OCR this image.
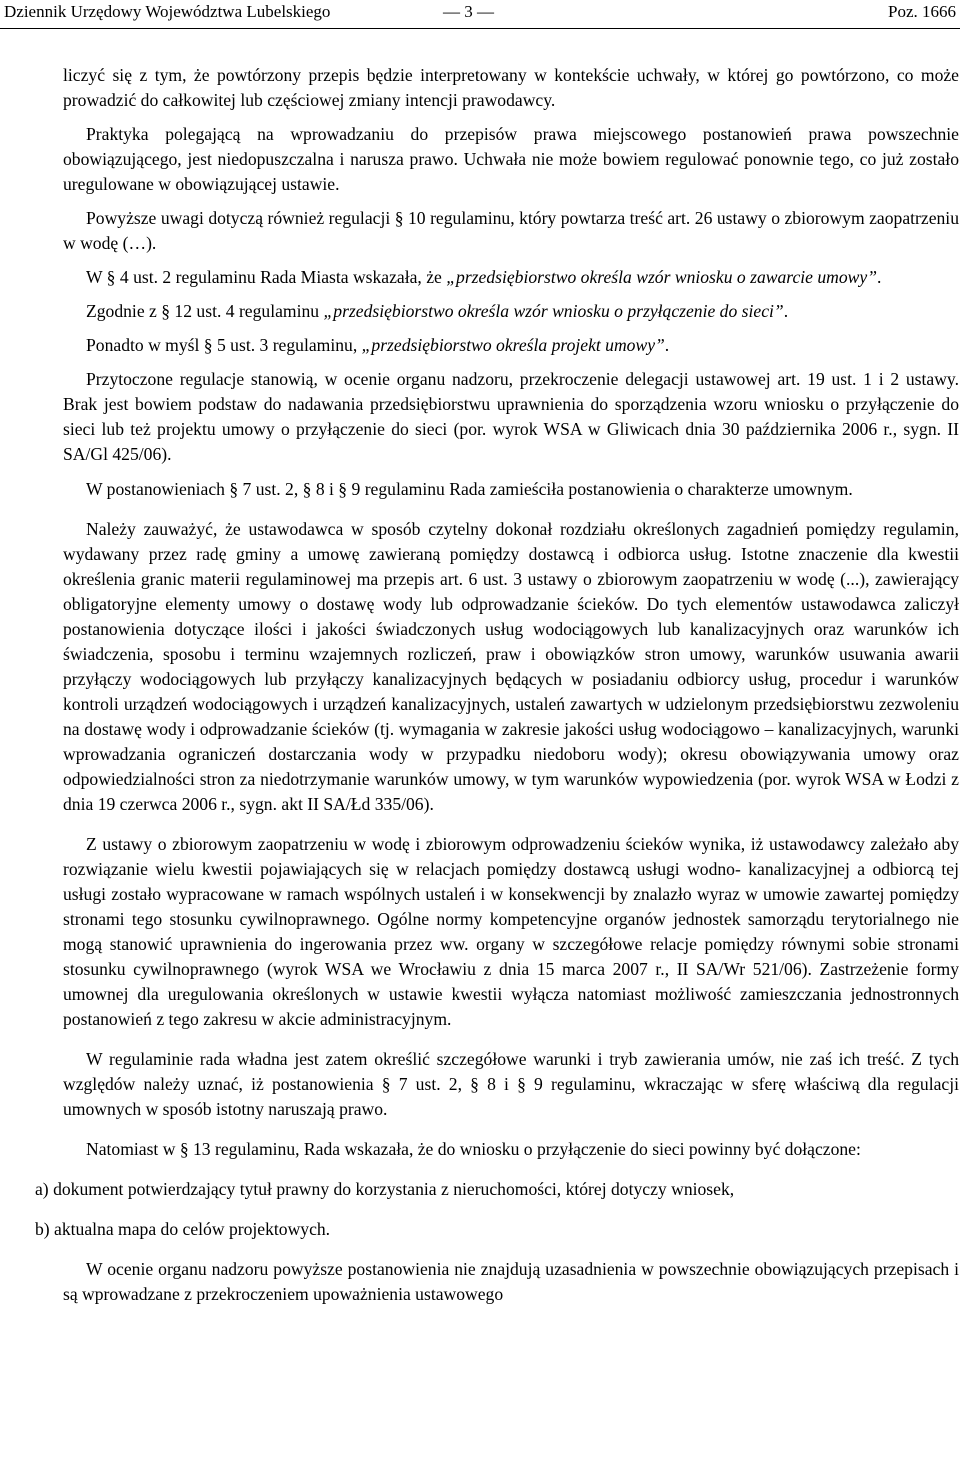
Dziennik Urzędowy Województwa Lubelskiego	— 3 —	Poz. 1666

liczyć się z tym, że powtórzony przepis będzie interpretowany w kontekście uchwały, w której go powtórzono, co może prowadzić do całkowitej lub częściowej zmiany intencji prawodawcy.

Praktyka polegającą na wprowadzaniu do przepisów prawa miejscowego postanowień prawa powszechnie obowiązującego, jest niedopuszczalna i narusza prawo. Uchwała nie może bowiem regulować ponownie tego, co już zostało uregulowane w obowiązującej ustawie.

Powyższe uwagi dotyczą również regulacji § 10 regulaminu, który powtarza treść art. 26 ustawy o zbiorowym zaopatrzeniu w wodę (…).

W § 4 ust. 2 regulaminu Rada Miasta wskazała, że „przedsiębiorstwo określa wzór wniosku o zawarcie umowy”.

Zgodnie z § 12 ust. 4 regulaminu „przedsiębiorstwo określa wzór wniosku o przyłączenie do sieci”.

Ponadto w myśl § 5 ust. 3 regulaminu, „przedsiębiorstwo określa projekt umowy”.

Przytoczone regulacje stanowią, w ocenie organu nadzoru, przekroczenie delegacji ustawowej art. 19 ust. 1 i 2 ustawy. Brak jest bowiem podstaw do nadawania przedsiębiorstwu uprawnienia do sporządzenia wzoru wniosku o przyłączenie do sieci lub też projektu umowy o przyłączenie do sieci (por. wyrok WSA w Gliwicach dnia 30 października 2006 r., sygn. II SA/Gl 425/06).

W postanowieniach § 7 ust. 2, § 8 i § 9 regulaminu Rada zamieściła postanowienia o charakterze umownym.

Należy zauważyć, że ustawodawca w sposób czytelny dokonał rozdziału określonych zagadnień pomiędzy regulamin, wydawany przez radę gminy a umowę zawieraną pomiędzy dostawcą i odbiorca usług. Istotne znaczenie dla kwestii określenia granic materii regulaminowej ma przepis art. 6 ust. 3 ustawy o zbiorowym zaopatrzeniu w wodę (...), zawierający obligatoryjne elementy umowy o dostawę wody lub odprowadzanie ścieków. Do tych elementów ustawodawca zaliczył postanowienia dotyczące ilości i jakości świadczonych usług wodociągowych lub kanalizacyjnych oraz warunków ich świadczenia, sposobu i terminu wzajemnych rozliczeń, praw i obowiązków stron umowy, warunków usuwania awarii przyłączy wodociągowych lub przyłączy kanalizacyjnych będących w posiadaniu odbiorcy usług, procedur i warunków kontroli urządzeń wodociągowych i urządzeń kanalizacyjnych, ustaleń zawartych w udzielonym przedsiębiorstwu zezwoleniu na dostawę wody i odprowadzanie ścieków (tj. wymagania w zakresie jakości usług wodociągowo – kanalizacyjnych, warunki wprowadzania ograniczeń dostarczania wody w przypadku niedoboru wody); okresu obowiązywania umowy oraz odpowiedzialności stron za niedotrzymanie warunków umowy, w tym warunków wypowiedzenia (por. wyrok WSA w Łodzi z dnia 19 czerwca 2006 r., sygn. akt II SA/Łd 335/06).

Z ustawy o zbiorowym zaopatrzeniu w wodę i zbiorowym odprowadzeniu ścieków wynika, iż ustawodawcy zależało aby rozwiązanie wielu kwestii pojawiających się w relacjach pomiędzy dostawcą usługi wodno- kanalizacyjnej a odbiorcą tej usługi zostało wypracowane w ramach wspólnych ustaleń i w konsekwencji by znalazło wyraz w umowie zawartej pomiędzy stronami tego stosunku cywilnoprawnego. Ogólne normy kompetencyjne organów jednostek samorządu terytorialnego nie mogą stanowić uprawnienia do ingerowania przez ww. organy w szczegółowe relacje pomiędzy równymi sobie stronami stosunku cywilnoprawnego (wyrok WSA we Wrocławiu z dnia 15 marca 2007 r., II SA/Wr 521/06). Zastrzeżenie formy umownej dla uregulowania określonych w ustawie kwestii wyłącza natomiast możliwość zamieszczania jednostronnych postanowień z tego zakresu w akcie administracyjnym.

W regulaminie rada władna jest zatem określić szczegółowe warunki i tryb zawierania umów, nie zaś ich treść. Z tych względów należy uznać, iż postanowienia § 7 ust. 2, § 8 i § 9 regulaminu, wkraczając w sferę właściwą dla regulacji umownych w sposób istotny naruszają prawo.

Natomiast w § 13 regulaminu, Rada wskazała, że do wniosku o przyłączenie do sieci powinny być dołączone:

a) dokument potwierdzający tytuł prawny do korzystania z nieruchomości, której dotyczy wniosek,

b) aktualna mapa do celów projektowych.

W ocenie organu nadzoru powyższe postanowienia nie znajdują uzasadnienia w powszechnie obowiązujących przepisach i są wprowadzane z przekroczeniem upoważnienia ustawowego
